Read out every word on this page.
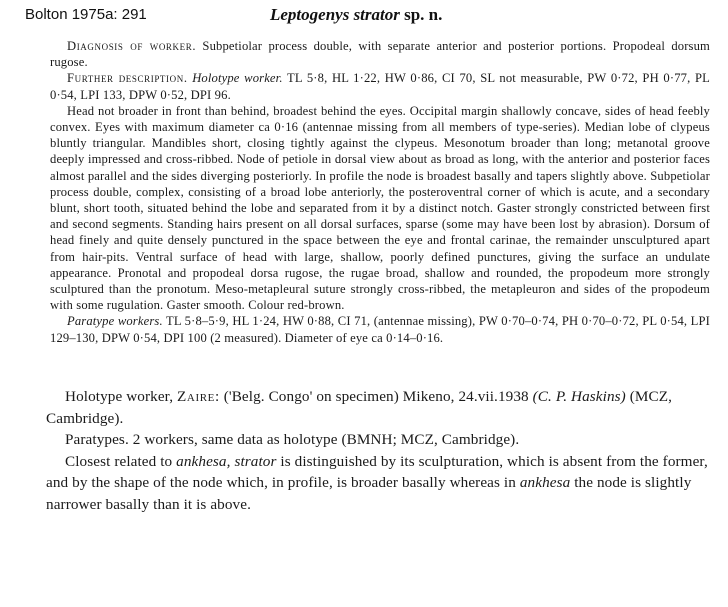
Bolton 1975a: 291	Leptogenys strator sp. n.

Diagnosis of worker. Subpetiolar process double, with separate anterior and posterior portions. Propodeal dorsum rugose.

Further description. Holotype worker. TL 5·8, HL 1·22, HW 0·86, CI 70, SL not measurable, PW 0·72, PH 0·77, PL 0·54, LPI 133, DPW 0·52, DPI 96.

Head not broader in front than behind, broadest behind the eyes. Occipital margin shallowly concave, sides of head feebly convex. Eyes with maximum diameter ca 0·16 (antennae missing from all members of type-series). Median lobe of clypeus bluntly triangular. Mandibles short, closing tightly against the clypeus. Mesonotum broader than long; metanotal groove deeply impressed and cross-ribbed. Node of petiole in dorsal view about as broad as long, with the anterior and posterior faces almost parallel and the sides diverging posteriorly. In profile the node is broadest basally and tapers slightly above. Subpetiolar process double, complex, consisting of a broad lobe anteriorly, the posteroventral corner of which is acute, and a secondary blunt, short tooth, situated behind the lobe and separated from it by a distinct notch. Gaster strongly constricted between first and second segments. Standing hairs present on all dorsal surfaces, sparse (some may have been lost by abrasion). Dorsum of head finely and quite densely punctured in the space between the eye and frontal carinae, the remainder unsculptured apart from hair-pits. Ventral surface of head with large, shallow, poorly defined punctures, giving the surface an undulate appearance. Pronotal and propodeal dorsa rugose, the rugae broad, shallow and rounded, the propodeum more strongly sculptured than the pronotum. Meso-metapleural suture strongly cross-ribbed, the metapleuron and sides of the propodeum with some rugulation. Gaster smooth. Colour red-brown.

Paratype workers. TL 5·8–5·9, HL 1·24, HW 0·88, CI 71, (antennae missing), PW 0·70–0·74, PH 0·70–0·72, PL 0·54, LPI 129–130, DPW 0·54, DPI 100 (2 measured). Diameter of eye ca 0·14–0·16.

Holotype worker, Zaire: ('Belg. Congo' on specimen) Mikeno, 24.vii.1938 (C. P. Haskins) (MCZ, Cambridge).

Paratypes. 2 workers, same data as holotype (BMNH; MCZ, Cambridge).

Closest related to ankhesa, strator is distinguished by its sculpturation, which is absent from the former, and by the shape of the node which, in profile, is broader basally whereas in ankhesa the node is slightly narrower basally than it is above.
